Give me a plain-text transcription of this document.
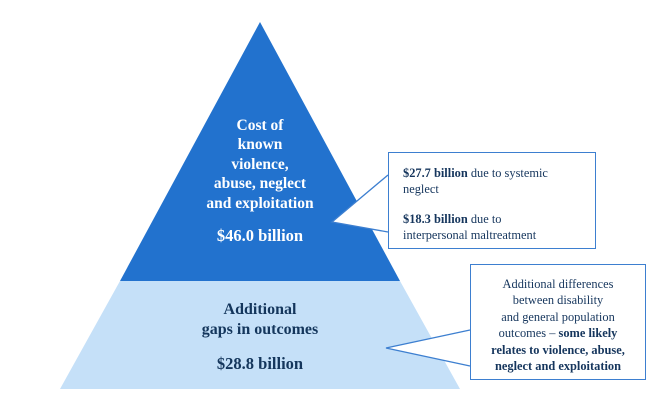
Cost of
known
violence,
abuse, neglect
and exploitation
$46.0 billion
Additional
gaps in outcomes
$28.8 billion
$27.7 billion due to systemic
neglect
$18.3 billion due to
interpersonal maltreatment
Additional differences
between disability
and general population
outcomes – some likely
relates to violence, abuse,
neglect and exploitation
